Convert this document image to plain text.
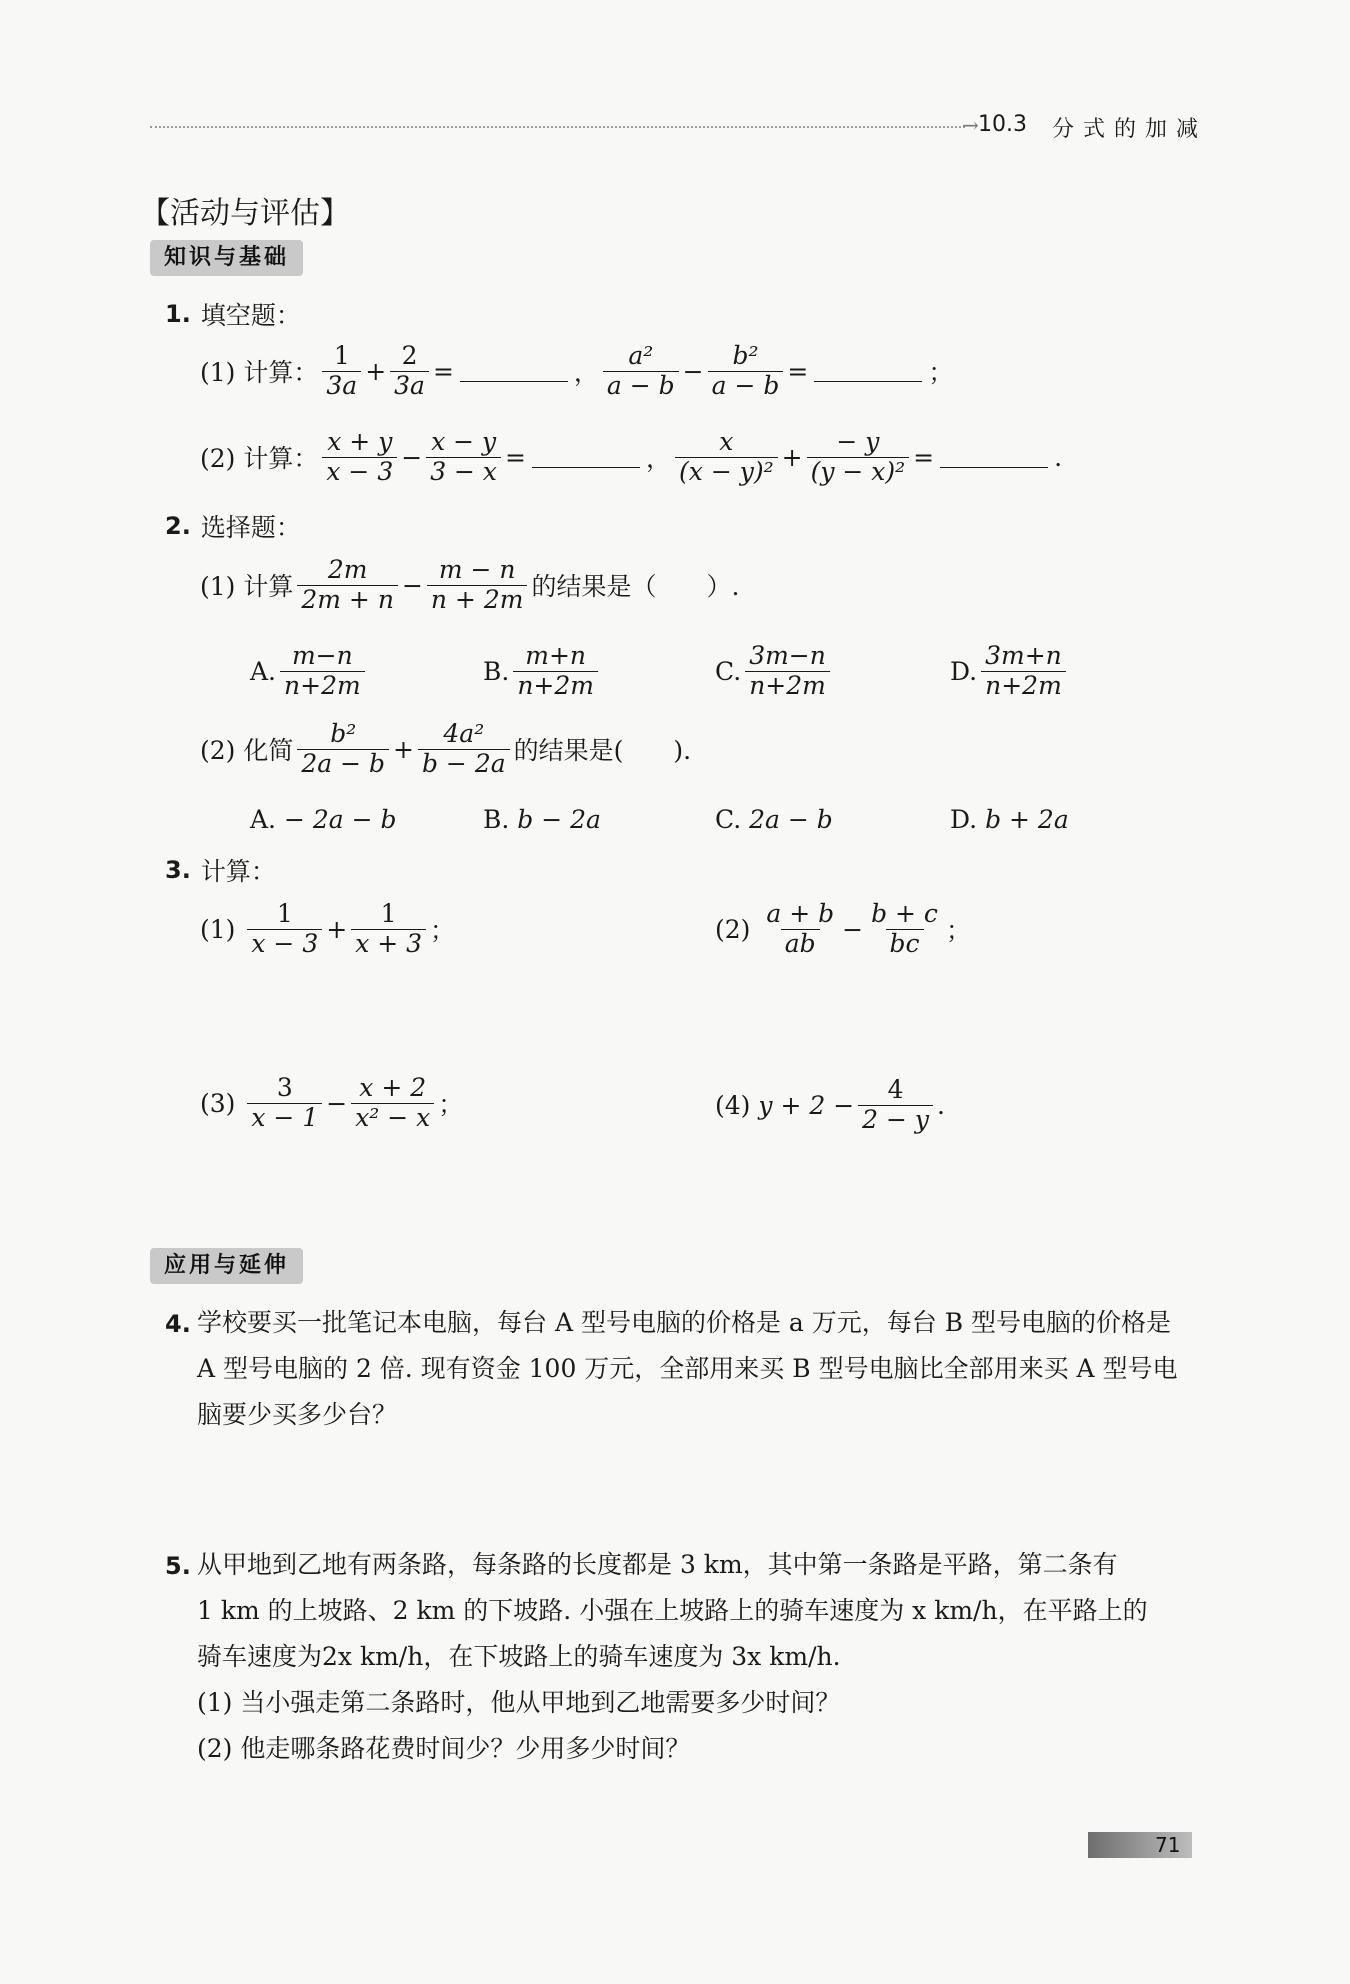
→ 10.3 分式的加减
【活动与评估】
知识与基础
1. 填空题：
(1) 计算： $\frac{1}{3a} + \frac{2}{3a}$ =	， $\frac{\text{a²}}{a - b} - \frac{\text{b²}}{a - b}$ =	；
(2) 计算： $\frac{x + y}{x - 3} - \frac{x - y}{3 - x}$ =	， $\frac{x}{\text{(x − y)²}} + \frac{- y}{\text{(y − x)²}}$ =	.
2. 选择题：
(1) 计算 $\frac{2m}{2m + n} - \frac{m - n}{n + 2m}$ 的结果是（　　）.
A. $\frac{m-n}{n+2m}$	B. $\frac{m+n}{n+2m}$	C. $\frac{3m-n}{n+2m}$	D. $\frac{3m+n}{n+2m}$
(2) 化简 $\frac{\text{b²}}{2a - b} + \frac{\text{4a²}}{b - 2a}$ 的结果是(　　).
A.
− 2a − b	B.
b − 2a	C.
2a − b	D.
b + 2a
3. 计算：
(1)
$\frac{1}{x - 3} + \frac{1}{x + 3}$ ；	(2)
$\frac{a + b}{ab} - \frac{b + c}{bc}$ ；
(3)
$\frac{3}{x - 1} - \frac{x + 2}{\text{x² − x}}$ ；	(4)
$y + 2 - \frac{4}{2 - y}$ .
应用与延伸
4. 学校要买一批笔记本电脑，每台 A 型号电脑的价格是 a 万元，每台 B 型号电脑的价格是
A 型号电脑的 2 倍. 现有资金 100 万元，全部用来买 B 型号电脑比全部用来买 A 型号电
脑要少买多少台？
5. 从甲地到乙地有两条路，每条路的长度都是 3 km，其中第一条路是平路，第二条有
1 km 的上坡路、2 km 的下坡路. 小强在上坡路上的骑车速度为 x km/h，在平路上的
骑车速度为2x km/h，在下坡路上的骑车速度为 3x km/h.
(1) 当小强走第二条路时，他从甲地到乙地需要多少时间？
(2) 他走哪条路花费时间少？少用多少时间？
71
